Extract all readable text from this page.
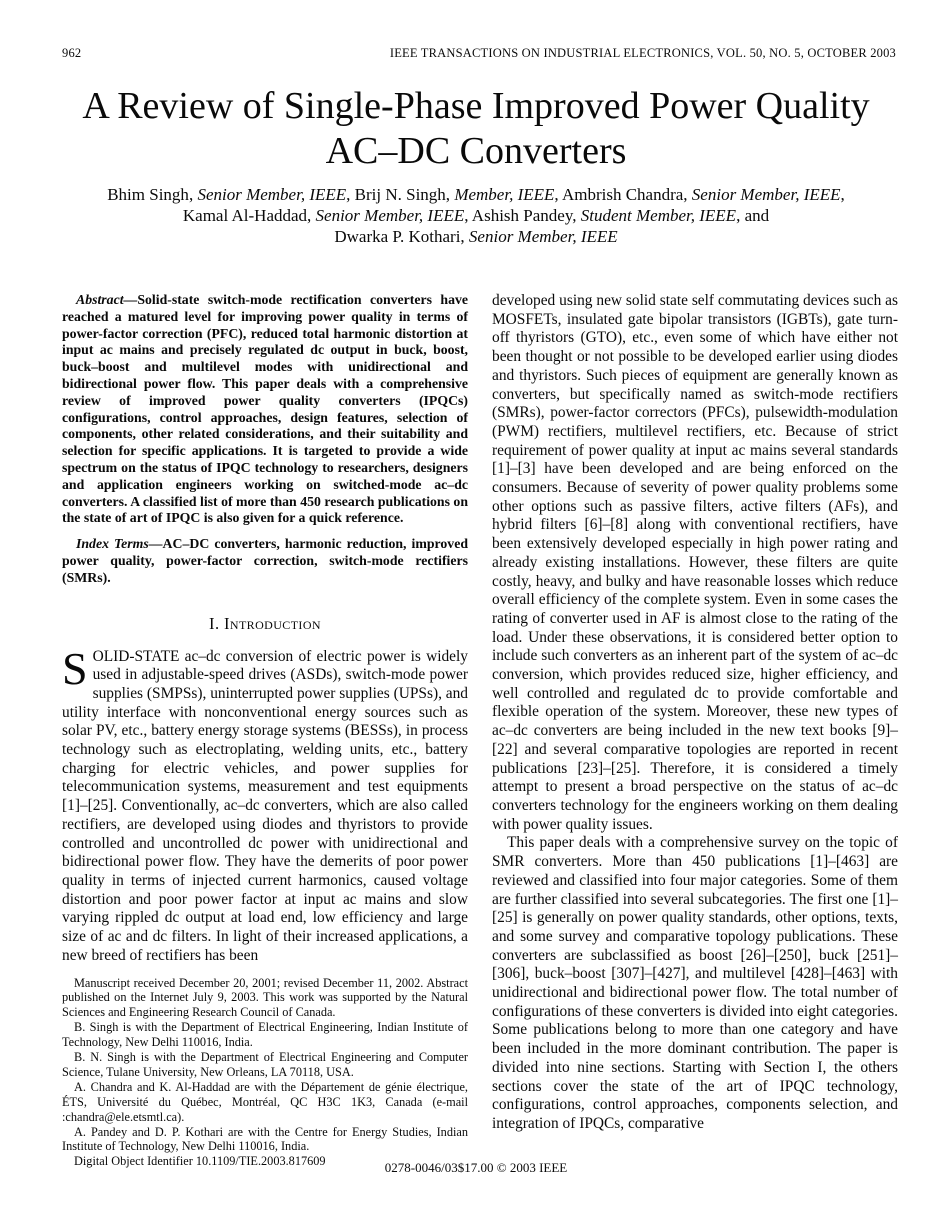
962	IEEE TRANSACTIONS ON INDUSTRIAL ELECTRONICS, VOL. 50, NO. 5, OCTOBER 2003
A Review of Single-Phase Improved Power Quality
AC–DC Converters
Bhim Singh, Senior Member, IEEE, Brij N. Singh, Member, IEEE, Ambrish Chandra, Senior Member, IEEE,
Kamal Al-Haddad, Senior Member, IEEE, Ashish Pandey, Student Member, IEEE, and
Dwarka P. Kothari, Senior Member, IEEE

Abstract—Solid-state switch-mode rectification converters have reached a matured level for improving power quality in terms of power-factor correction (PFC), reduced total harmonic distortion at input ac mains and precisely regulated dc output in buck, boost, buck–boost and multilevel modes with unidirectional and bidirectional power flow. This paper deals with a comprehensive review of improved power quality converters (IPQCs) configurations, control approaches, design features, selection of components, other related considerations, and their suitability and selection for specific applications. It is targeted to provide a wide spectrum on the status of IPQC technology to researchers, designers and application engineers working on switched-mode ac–dc converters. A classified list of more than 450 research publications on the state of art of IPQC is also given for a quick reference.

Index Terms—AC–DC converters, harmonic reduction, improved power quality, power-factor correction, switch-mode rectifiers (SMRs).

I. Introduction

SOLID-STATE ac–dc conversion of electric power is widely used in adjustable-speed drives (ASDs), switch-mode power supplies (SMPSs), uninterrupted power supplies (UPSs), and utility interface with nonconventional energy sources such as solar PV, etc., battery energy storage systems (BESSs), in process technology such as electroplating, welding units, etc., battery charging for electric vehicles, and power supplies for telecommunication systems, measurement and test equipments [1]–[25]. Conventionally, ac–dc converters, which are also called rectifiers, are developed using diodes and thyristors to provide controlled and uncontrolled dc power with unidirectional and bidirectional power flow. They have the demerits of poor power quality in terms of injected current harmonics, caused voltage distortion and poor power factor at input ac mains and slow varying rippled dc output at load end, low efficiency and large size of ac and dc filters. In light of their increased applications, a new breed of rectifiers has been

Manuscript received December 20, 2001; revised December 11, 2002. Abstract published on the Internet July 9, 2003. This work was supported by the Natural Sciences and Engineering Research Council of Canada.

B. Singh is with the Department of Electrical Engineering, Indian Institute of Technology, New Delhi 110016, India.

B. N. Singh is with the Department of Electrical Engineering and Computer Science, Tulane University, New Orleans, LA 70118, USA.

A. Chandra and K. Al-Haddad are with the Département de génie électrique, ÉTS, Université du Québec, Montréal, QC H3C 1K3, Canada (e-mail :chandra@ele.etsmtl.ca).

A. Pandey and D. P. Kothari are with the Centre for Energy Studies, Indian Institute of Technology, New Delhi 110016, India.

Digital Object Identifier 10.1109/TIE.2003.817609

developed using new solid state self commutating devices such as MOSFETs, insulated gate bipolar transistors (IGBTs), gate turn-off thyristors (GTO), etc., even some of which have either not been thought or not possible to be developed earlier using diodes and thyristors. Such pieces of equipment are generally known as converters, but specifically named as switch-mode rectifiers (SMRs), power-factor correctors (PFCs), pulsewidth-modulation (PWM) rectifiers, multilevel rectifiers, etc. Because of strict requirement of power quality at input ac mains several standards [1]–[3] have been developed and are being enforced on the consumers. Because of severity of power quality problems some other options such as passive filters, active filters (AFs), and hybrid filters [6]–[8] along with conventional rectifiers, have been extensively developed especially in high power rating and already existing installations. However, these filters are quite costly, heavy, and bulky and have reasonable losses which reduce overall efficiency of the complete system. Even in some cases the rating of converter used in AF is almost close to the rating of the load. Under these observations, it is considered better option to include such converters as an inherent part of the system of ac–dc conversion, which provides reduced size, higher efficiency, and well controlled and regulated dc to provide comfortable and flexible operation of the system. Moreover, these new types of ac–dc converters are being included in the new text books [9]–[22] and several comparative topologies are reported in recent publications [23]–[25]. Therefore, it is considered a timely attempt to present a broad perspective on the status of ac–dc converters technology for the engineers working on them dealing with power quality issues.

This paper deals with a comprehensive survey on the topic of SMR converters. More than 450 publications [1]–[463] are reviewed and classified into four major categories. Some of them are further classified into several subcategories. The first one [1]–[25] is generally on power quality standards, other options, texts, and some survey and comparative topology publications. These converters are subclassified as boost [26]–[250], buck [251]–[306], buck–boost [307]–[427], and multilevel [428]–[463] with unidirectional and bidirectional power flow. The total number of configurations of these converters is divided into eight categories. Some publications belong to more than one category and have been included in the more dominant contribution. The paper is divided into nine sections. Starting with Section I, the others sections cover the state of the art of IPQC technology, configurations, control approaches, components selection, and integration of IPQCs, comparative

0278-0046/03$17.00 © 2003 IEEE
